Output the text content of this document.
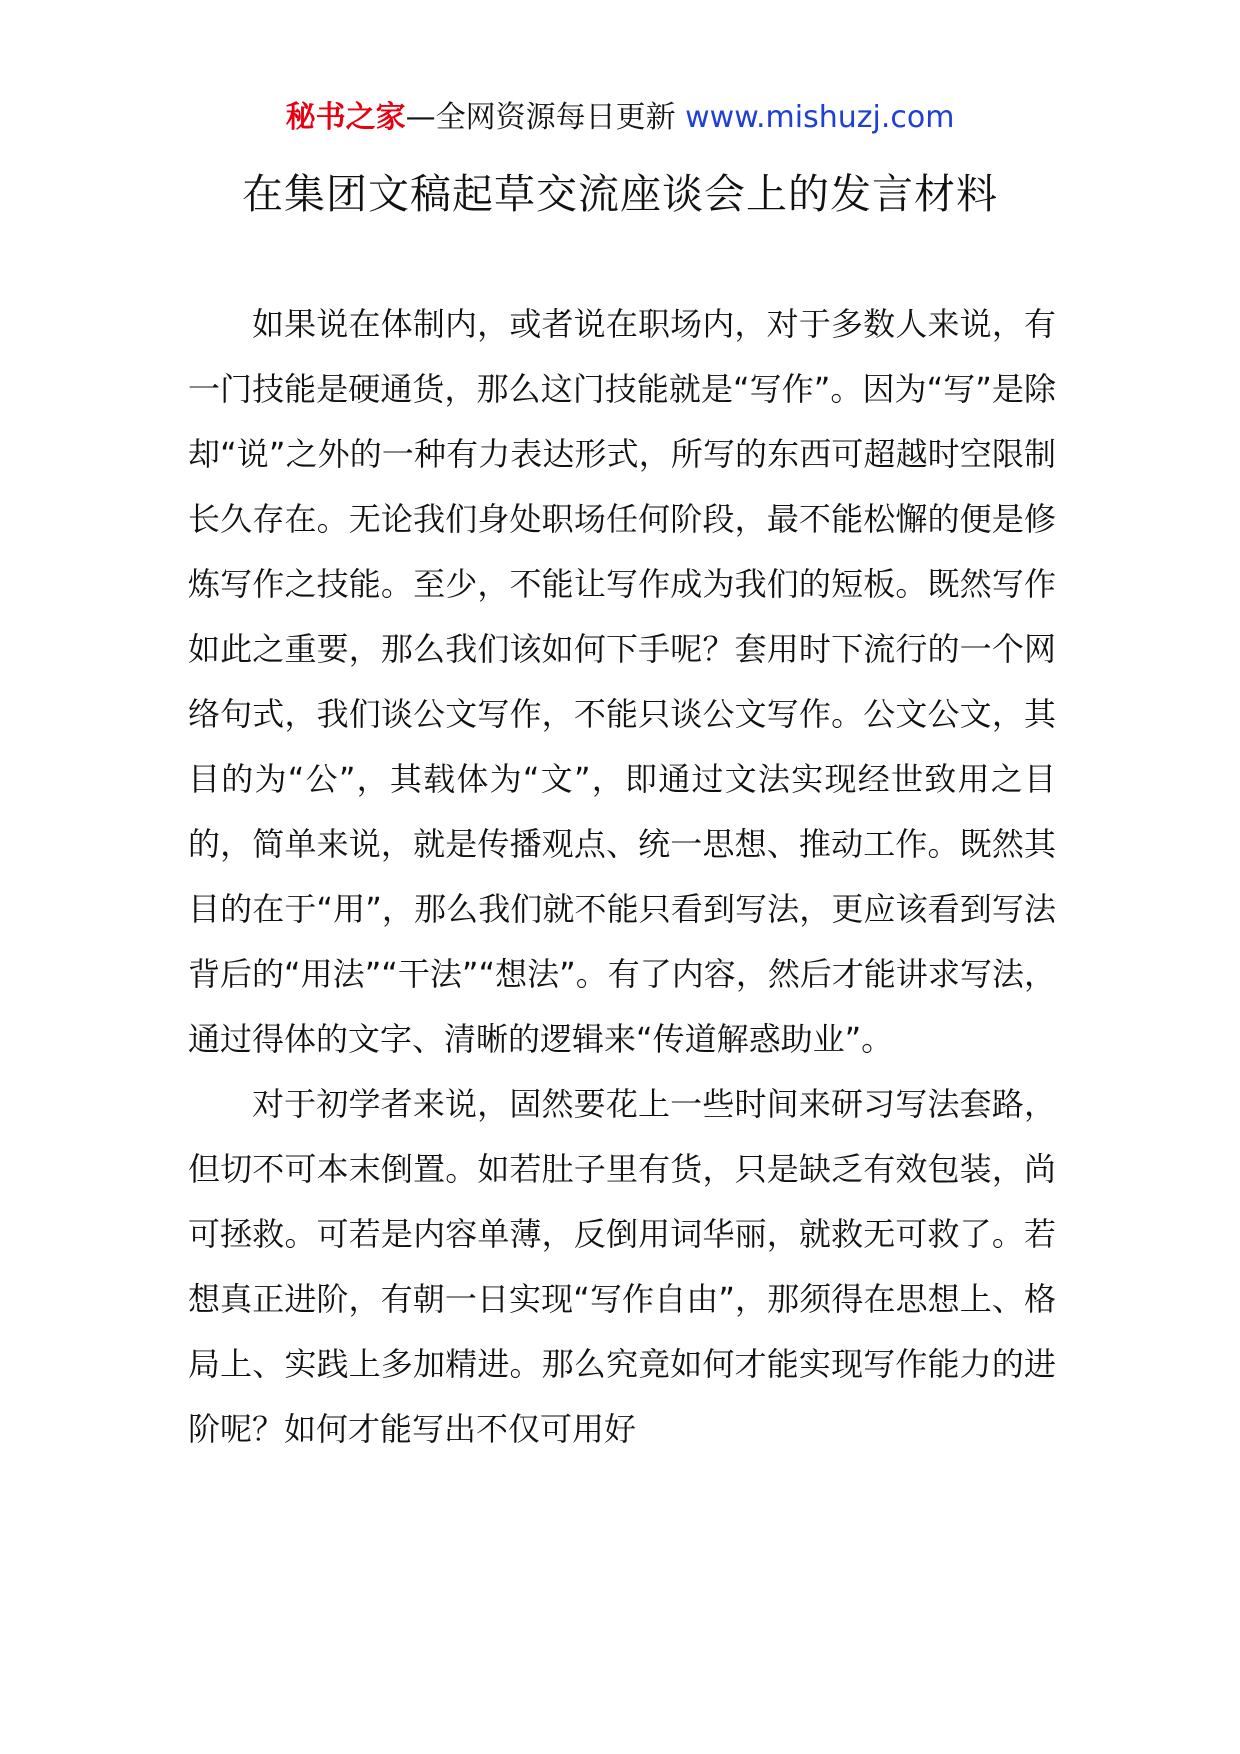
秘书之家—全网资源每日更新 www.mishuzj.com
在集团文稿起草交流座谈会上的发言材料

如果说在体制内，或者说在职场内，对于多数人来说，有一门技能是硬通货，那么这门技能就是“写作”。因为“写”是除却“说”之外的一种有力表达形式，所写的东西可超越时空限制长久存在。无论我们身处职场任何阶段，最不能松懈的便是修炼写作之技能。至少，不能让写作成为我们的短板。既然写作如此之重要，那么我们该如何下手呢？套用时下流行的一个网络句式，我们谈公文写作，不能只谈公文写作。公文公文，其目的为“公”，其载体为“文”，即通过文法实现经世致用之目的，简单来说，就是传播观点、统一思想、推动工作。既然其目的在于“用”，那么我们就不能只看到写法，更应该看到写法背后的“用法”“干法”“想法”。有了内容，然后才能讲求写法，通过得体的文字、清晰的逻辑来“传道解惑助业”。

对于初学者来说，固然要花上一些时间来研习写法套路，但切不可本末倒置。如若肚子里有货，只是缺乏有效包装，尚可拯救。可若是内容单薄，反倒用词华丽，就救无可救了。若想真正进阶，有朝一日实现“写作自由”，那须得在思想上、格局上、实践上多加精进。那么究竟如何才能实现写作能力的进阶呢？如何才能写出不仅可用好
